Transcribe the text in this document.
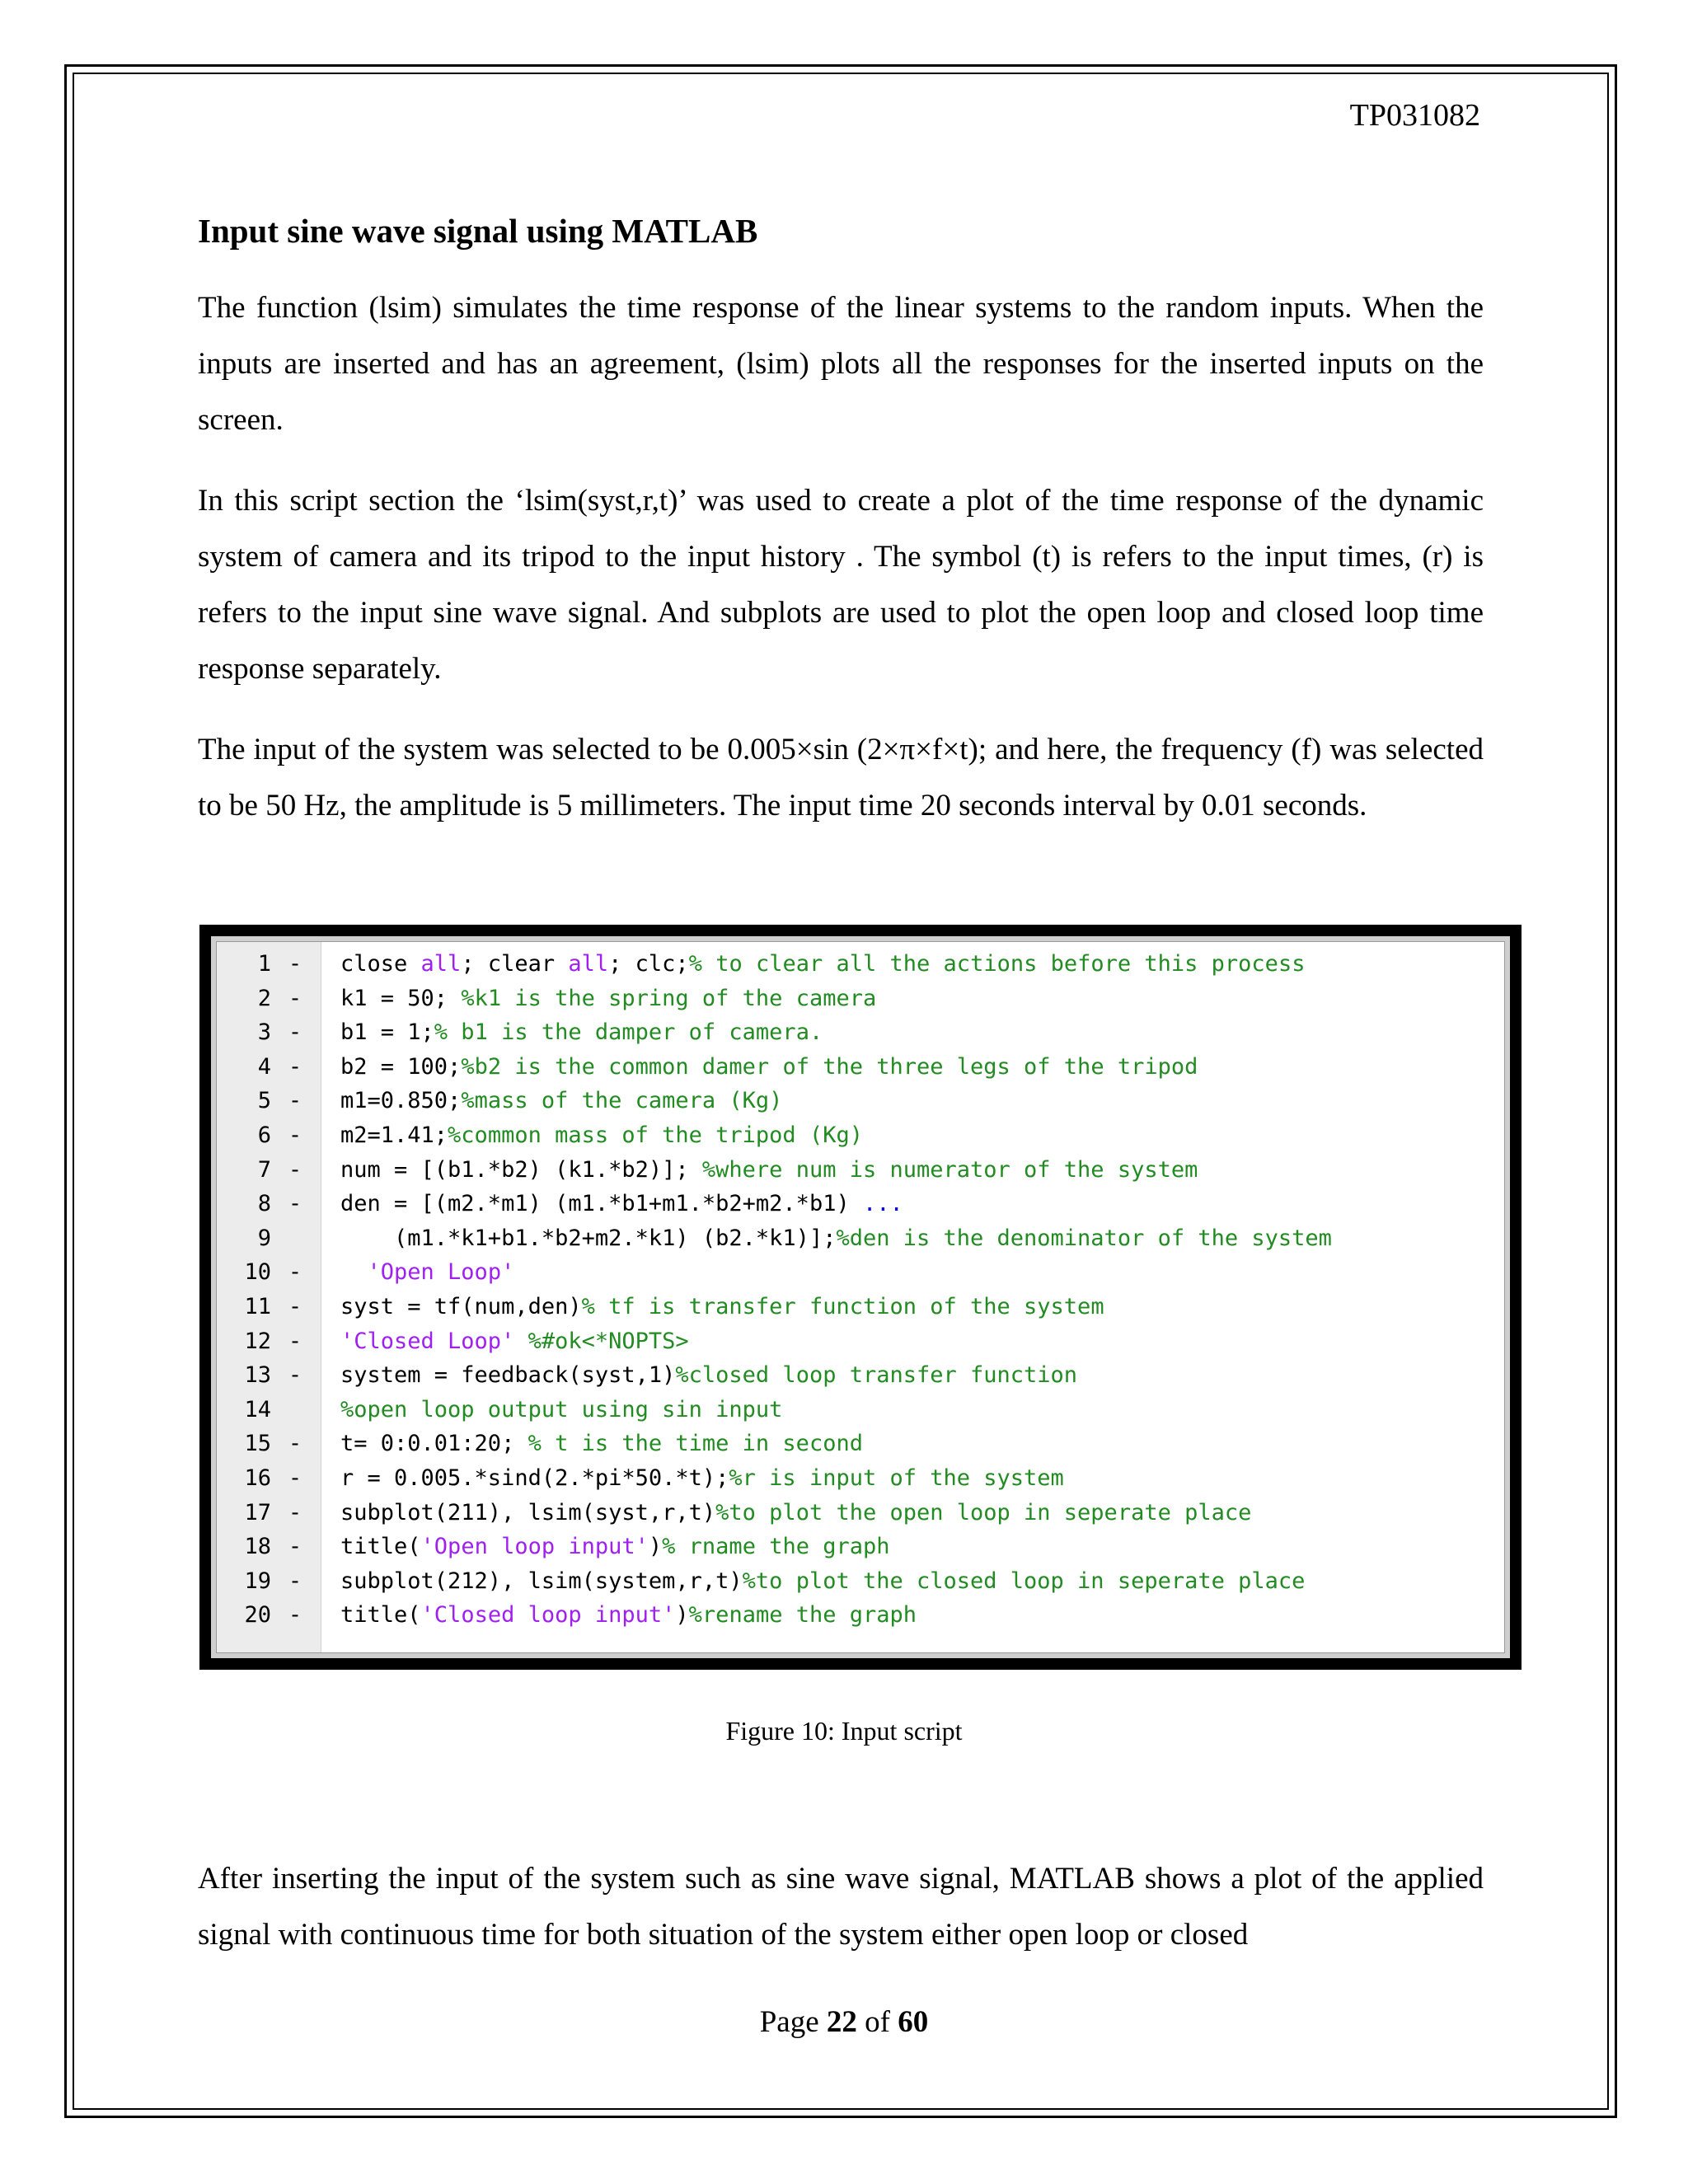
TP031082
Input sine wave signal using MATLAB

The function (lsim) simulates the time response of the linear systems to the random inputs. When the inputs are inserted and has an agreement, (lsim) plots all the responses for the inserted inputs on the screen.

In this script section the ‘lsim(syst,r,t)’ was used to create a plot of the time response of the dynamic system of camera and its tripod to the input history . The symbol (t) is refers to the input times, (r) is refers to the input sine wave signal. And subplots are used to plot the open loop and closed loop time response separately.

The input of the system was selected to be 0.005×sin (2×π×f×t); and here, the frequency (f) was selected to be 50 Hz, the amplitude is 5 millimeters. The input time 20 seconds interval by 0.01 seconds.

1 - close all; clear all; clc;% to clear all the actions before this process
2 - k1 = 50; %k1 is the spring of the camera
3 - b1 = 1;% b1 is the damper of camera.
4 - b2 = 100;%b2 is the common damer of the three legs of the tripod
5 - m1=0.850;%mass of the camera (Kg)
6 - m2=1.41;%common mass of the tripod (Kg)
7 - num = [(b1.*b2) (k1.*b2)]; %where num is numerator of the system
8 - den = [(m2.*m1) (m1.*b1+m1.*b2+m2.*b1) ...
9	(m1.*k1+b1.*b2+m2.*k1) (b2.*k1)];%den is the denominator of the system
10 -	'Open Loop'
11 - syst = tf(num,den)% tf is transfer function of the system
12 - 'Closed Loop' %#ok<*NOPTS>
13 - system = feedback(syst,1)%closed loop transfer function
14	%open loop output using sin input
15 - t= 0:0.01:20; % t is the time in second
16 - r = 0.005.*sind(2.*pi*50.*t);%r is input of the system
17 - subplot(211), lsim(syst,r,t)%to plot the open loop in seperate place
18 - title('Open loop input')% rname the graph
19 - subplot(212), lsim(system,r,t)%to plot the closed loop in seperate place
20 - title('Closed loop input')%rename the graph
Figure 10: Input script

After inserting the input of the system such as sine wave signal, MATLAB shows a plot of the applied signal with continuous time for both situation of the system either open loop or closed

Page 22 of 60
